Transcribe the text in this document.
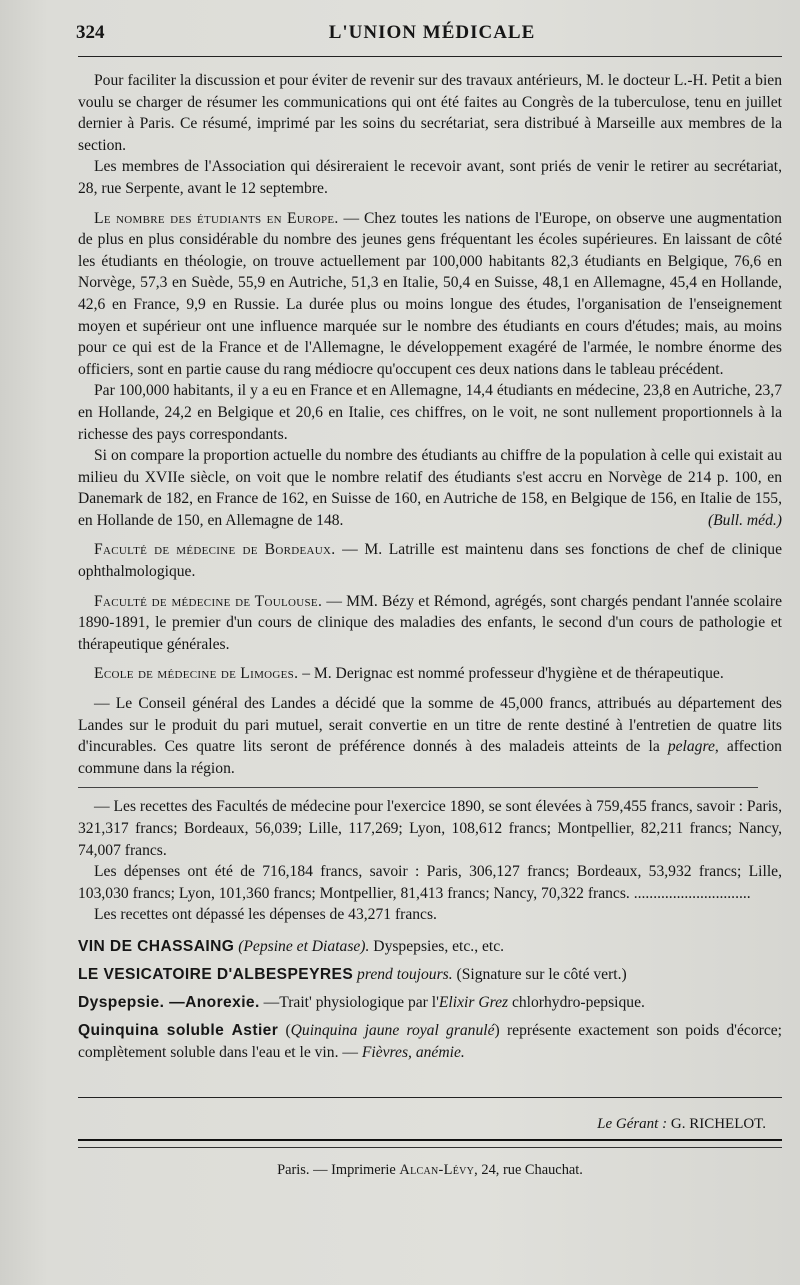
324	L'UNION MÉDICALE

Pour faciliter la discussion et pour éviter de revenir sur des travaux antérieurs, M. le docteur L.-H. Petit a bien voulu se charger de résumer les communications qui ont été faites au Congrès de la tuberculose, tenu en juillet dernier à Paris. Ce résumé, imprimé par les soins du secrétariat, sera distribué à Marseille aux membres de la section.

Les membres de l'Association qui désireraient le recevoir avant, sont priés de venir le retirer au secrétariat, 28, rue Serpente, avant le 12 septembre.

Le nombre des étudiants en Europe. — Chez toutes les nations de l'Europe, on observe une augmentation de plus en plus considérable du nombre des jeunes gens fréquentant les écoles supérieures. En laissant de côté les étudiants en théologie, on trouve actuellement par 100,000 habitants 82,3 étudiants en Belgique, 76,6 en Norvège, 57,3 en Suède, 55,9 en Autriche, 51,3 en Italie, 50,4 en Suisse, 48,1 en Allemagne, 45,4 en Hollande, 42,6 en France, 9,9 en Russie. La durée plus ou moins longue des études, l'organisation de l'enseignement moyen et supérieur ont une influence marquée sur le nombre des étudiants en cours d'études; mais, au moins pour ce qui est de la France et de l'Allemagne, le développement exagéré de l'armée, le nombre énorme des officiers, sont en partie cause du rang médiocre qu'occupent ces deux nations dans le tableau précédent.

Par 100,000 habitants, il y a eu en France et en Allemagne, 14,4 étudiants en médecine, 23,8 en Autriche, 23,7 en Hollande, 24,2 en Belgique et 20,6 en Italie, ces chiffres, on le voit, ne sont nullement proportionnels à la richesse des pays correspondants.

Si on compare la proportion actuelle du nombre des étudiants au chiffre de la population à celle qui existait au milieu du XVIIe siècle, on voit que le nombre relatif des étudiants s'est accru en Norvège de 214 p. 100, en Danemark de 182, en France de 162, en Suisse de 160, en Autriche de 158, en Belgique de 156, en Italie de 155, en Hollande de 150, en Allemagne de 148.	(Bull. méd.)

Faculté de médecine de Bordeaux. — M. Latrille est maintenu dans ses fonctions de chef de clinique ophthalmologique.

Faculté de médecine de Toulouse. — MM. Bézy et Rémond, agrégés, sont chargés pendant l'année scolaire 1890-1891, le premier d'un cours de clinique des maladies des enfants, le second d'un cours de pathologie et thérapeutique générales.

Ecole de médecine de Limoges. – M. Derignac est nommé professeur d'hygiène et de thérapeutique.

— Le Conseil général des Landes a décidé que la somme de 45,000 francs, attribués au département des Landes sur le produit du pari mutuel, serait convertie en un titre de rente destiné à l'entretien de quatre lits d'incurables. Ces quatre lits seront de préférence donnés à des maladeis atteints de la pelagre, affection commune dans la région.

— Les recettes des Facultés de médecine pour l'exercice 1890, se sont élevées à 759,455 francs, savoir : Paris, 321,317 francs; Bordeaux, 56,039; Lille, 117,269; Lyon, 108,612 francs; Montpellier, 82,211 francs; Nancy, 74,007 francs.

Les dépenses ont été de 716,184 francs, savoir : Paris, 306,127 francs; Bordeaux, 53,932 francs; Lille, 103,030 francs; Lyon, 101,360 francs; Montpellier, 81,413 francs; Nancy, 70,322 francs. ..............................

Les recettes ont dépassé les dépenses de 43,271 francs.

VIN DE CHASSAING (Pepsine et Diatase). Dyspepsies, etc., etc.
LE VESICATOIRE D'ALBESPEYRES prend toujours. (Signature sur le côté vert.)
Dyspepsie. —Anorexie. —Trait' physiologique par l'Elixir Grez chlorhydro-pepsique.
Quinquina soluble Astier (Quinquina jaune royal granulé) représente exactement son poids d'écorce; complètement soluble dans l'eau et le vin. — Fièvres, anémie.
Le Gérant : G. RICHELOT.
Paris. — Imprimerie Alcan-Lévy, 24, rue Chauchat.
